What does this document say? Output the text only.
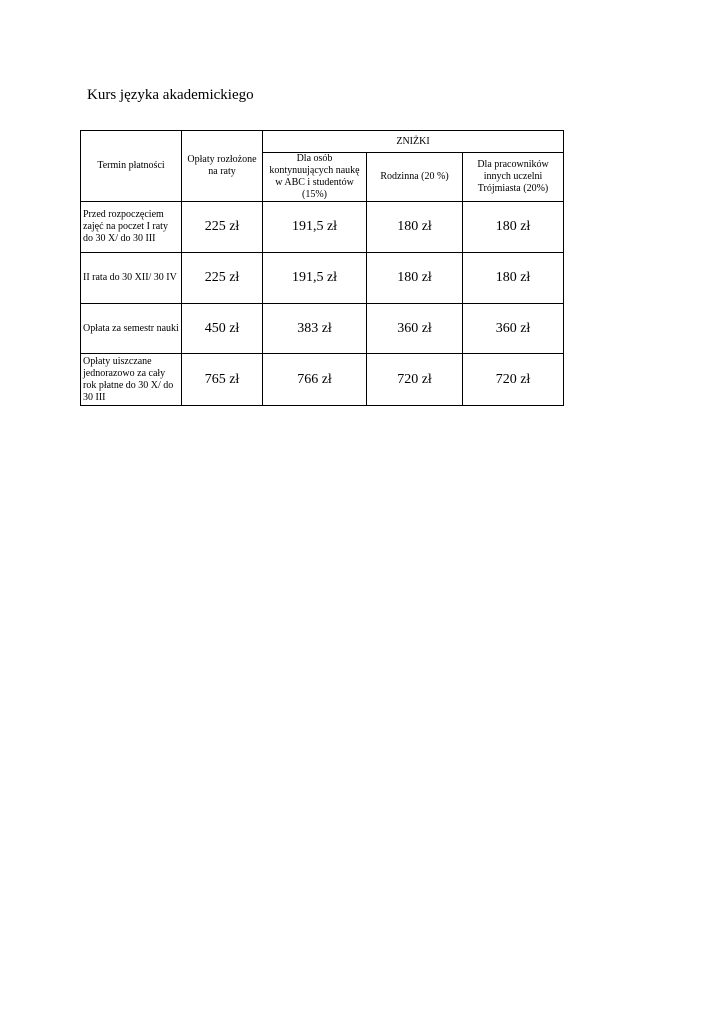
Kurs języka akademickiego
Termin płatności	Opłaty rozłożone na raty	ZNIŻKI		
		Dla osób kontynuujących naukę w ABC i studentów (15%)	Rodzinna (20 %)	Dla pracowników innych uczelni Trójmiasta (20%)
Przed rozpoczęciem zajęć na poczet I raty do 30 X/ do 30 III	225 zł	191,5 zł	180 zł	180 zł
II rata do 30 XII/ 30 IV	225 zł	191,5 zł	180 zł	180 zł
Opłata za semestr nauki	450 zł	383 zł	360 zł	360 zł
Opłaty uiszczane jednorazowo za cały rok płatne do 30 X/ do 30 III	765 zł	766 zł	720 zł	720 zł
